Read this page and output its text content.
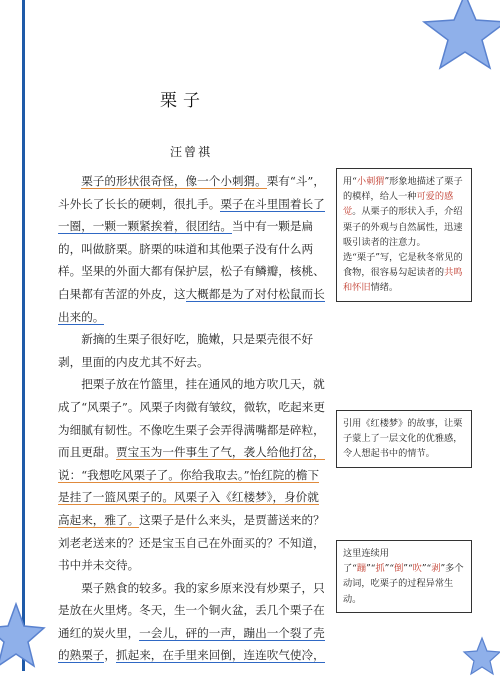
栗子
汪曾祺

栗子的形状很奇怪，像一个小刺猬。栗有“斗”，斗外长了长长的硬刺，很扎手。栗子在斗里围着长了一圈，一颗一颗紧挨着，很团结。当中有一颗是扁的，叫做脐栗。脐栗的味道和其他栗子没有什么两样。坚果的外面大都有保护层，松子有鳞瓣，核桃、白果都有苦涩的外皮，这大概都是为了对付松鼠而长出来的。

新摘的生栗子很好吃，脆嫩，只是栗壳很不好剥，里面的内皮尤其不好去。

把栗子放在竹篮里，挂在通风的地方吹几天，就成了“风栗子”。风栗子肉微有皱纹，微软，吃起来更为细腻有韧性。不像吃生栗子会弄得满嘴都是碎粒，而且更甜。贾宝玉为一件事生了气，袭人给他打岔，说：“我想吃风栗子了。你给我取去。”怡红院的檐下是挂了一篮风栗子的。风栗子入《红楼梦》，身价就高起来，雅了。这栗子是什么来头，是贾蔷送来的？刘老老送来的？还是宝玉自己在外面买的？不知道，书中并未交待。

栗子熟食的较多。我的家乡原来没有炒栗子，只是放在火里烤。冬天，生一个铜火盆，丢几个栗子在通红的炭火里，一会儿，砰的一声，蹦出一个裂了壳的熟栗子，抓起来，在手里来回倒，连连吹气使冷，

用“小刺猬”形象地描述了栗子的模样，给人一种可爱的感觉。从栗子的形状入手，介绍栗子的外观与自然属性，迅速吸引读者的注意力。

选“栗子”写，它是秋冬常见的食物，很容易勾起读者的共鸣和怀旧情绪。

引用《红楼梦》的故事，让栗子蒙上了一层文化的优雅感，令人想起书中的情节。

这里连续用了“蹦”“抓”“倒”“吹”“剥”多个动词，吃栗子的过程异常生动。
